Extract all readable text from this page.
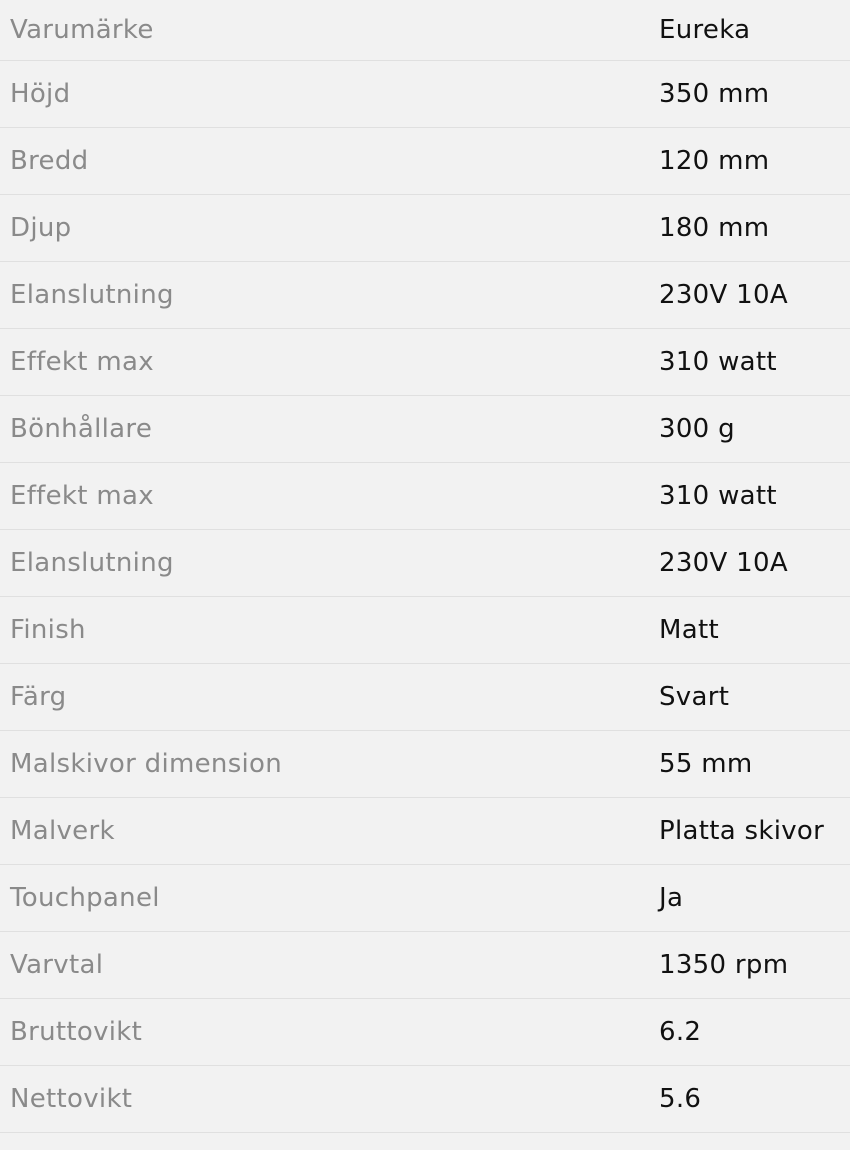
Varumärke	Eureka
Höjd	350 mm
Bredd	120 mm
Djup	180 mm
Elanslutning	230V 10A
Effekt max	310 watt
Bönhållare	300 g
Effekt max	310 watt
Elanslutning	230V 10A
Finish	Matt
Färg	Svart
Malskivor dimension	55 mm
Malverk	Platta skivor
Touchpanel	Ja
Varvtal	1350 rpm
Bruttovikt	6.2
Nettovikt	5.6
